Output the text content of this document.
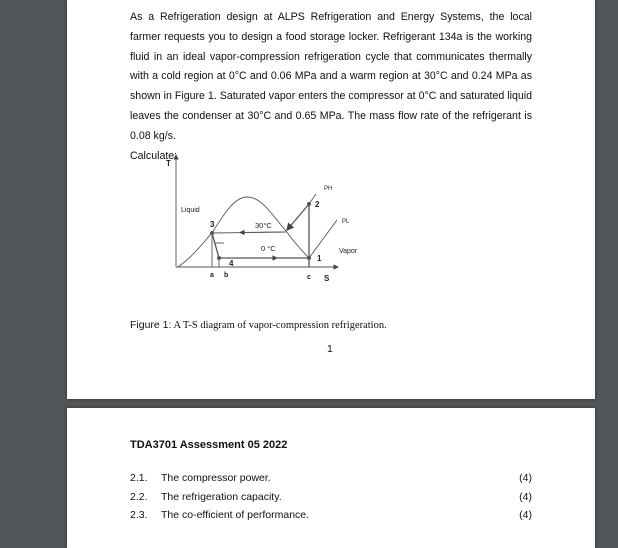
As a Refrigeration design at ALPS Refrigeration and Energy Systems, the local farmer requests you to design a food storage locker. Refrigerant 134a is the working fluid in an ideal vapor-compression refrigeration cycle that communicates thermally with a cold region at 0°C and 0.06 MPa and a warm region at 30°C and 0.24 MPa as shown in Figure 1. Saturated vapor enters the compressor at 0°C and saturated liquid leaves the condenser at 30°C and 0.65 MPa. The mass flow rate of the refrigerant is 0.08 kg/s.
Calculate:
T
S
Liquid
Vapor
PH
PL
30°C
0 °C
1
2
3
4
a b	c
Figure 1: A T-S diagram of vapor-compression refrigeration.
1
TDA3701 Assessment 05 2022
2.1. The compressor power.	(4)
2.2. The refrigeration capacity.	(4)
2.3. The co-efficient of performance.	(4)
